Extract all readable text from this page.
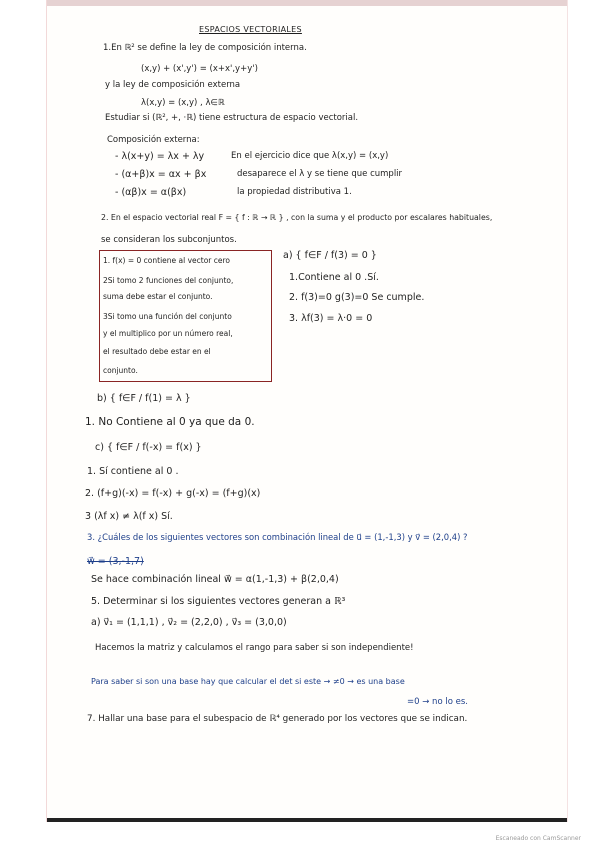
ESPACIOS VECTORIALES
1.En ℝ² se define la ley de composición interna.
(x,y) + (x',y') = (x+x',y+y')
y la ley de composición externa
λ(x,y) = (x,y) , λ∈ℝ
Estudiar si (ℝ², +, ·ℝ) tiene estructura de espacio vectorial.
Composición externa:
- λ(x+y) = λx + λy
- (α+β)x = αx + βx
- (αβ)x = α(βx)
En el ejercicio dice que λ(x,y) = (x,y)
desaparece el λ y se tiene que cumplir
la propiedad distributiva 1.
2. En el espacio vectorial real F = { f : ℝ → ℝ } , con la suma y el producto por escalares habituales,
se consideran los subconjuntos.
1. f(x) = 0 contiene al vector cero
2Si tomo 2 funciones del conjunto,
suma debe estar el conjunto.
3Si tomo una función del conjunto
y el multiplico por un número real,
el resultado debe estar en el
conjunto.
a) { f∈F / f(3) = 0 }
1.Contiene al 0 .Sí.
2. f(3)=0 g(3)=0 Se cumple.
3. λf(3) = λ·0 = 0
b) { f∈F / f(1) = λ }
1. No Contiene al 0 ya que da 0.
c) { f∈F / f(-x) = f(x) }
1. Sí contiene al 0 .
2. (f+g)(-x) = f(-x) + g(-x) = (f+g)(x)
3 (λf x) ≠ λ(f x) Sí.
3. ¿Cuáles de los siguientes vectores son combinación lineal de u⃗ = (1,-1,3) y v⃗ = (2,0,4) ?
w⃗ = (3,-1,7)
Se hace combinación lineal w⃗ = α(1,-1,3) + β(2,0,4)
5. Determinar si los siguientes vectores generan a ℝ³
a) v⃗₁ = (1,1,1) , v⃗₂ = (2,2,0) , v⃗₃ = (3,0,0)
Hacemos la matriz y calculamos el rango para saber si son independiente!
Para saber si son una base hay que calcular el det si este → ≠0 → es una base
=0 → no lo es.
7. Hallar una base para el subespacio de ℝ⁴ generado por los vectores que se indican.
Escaneado con CamScanner
